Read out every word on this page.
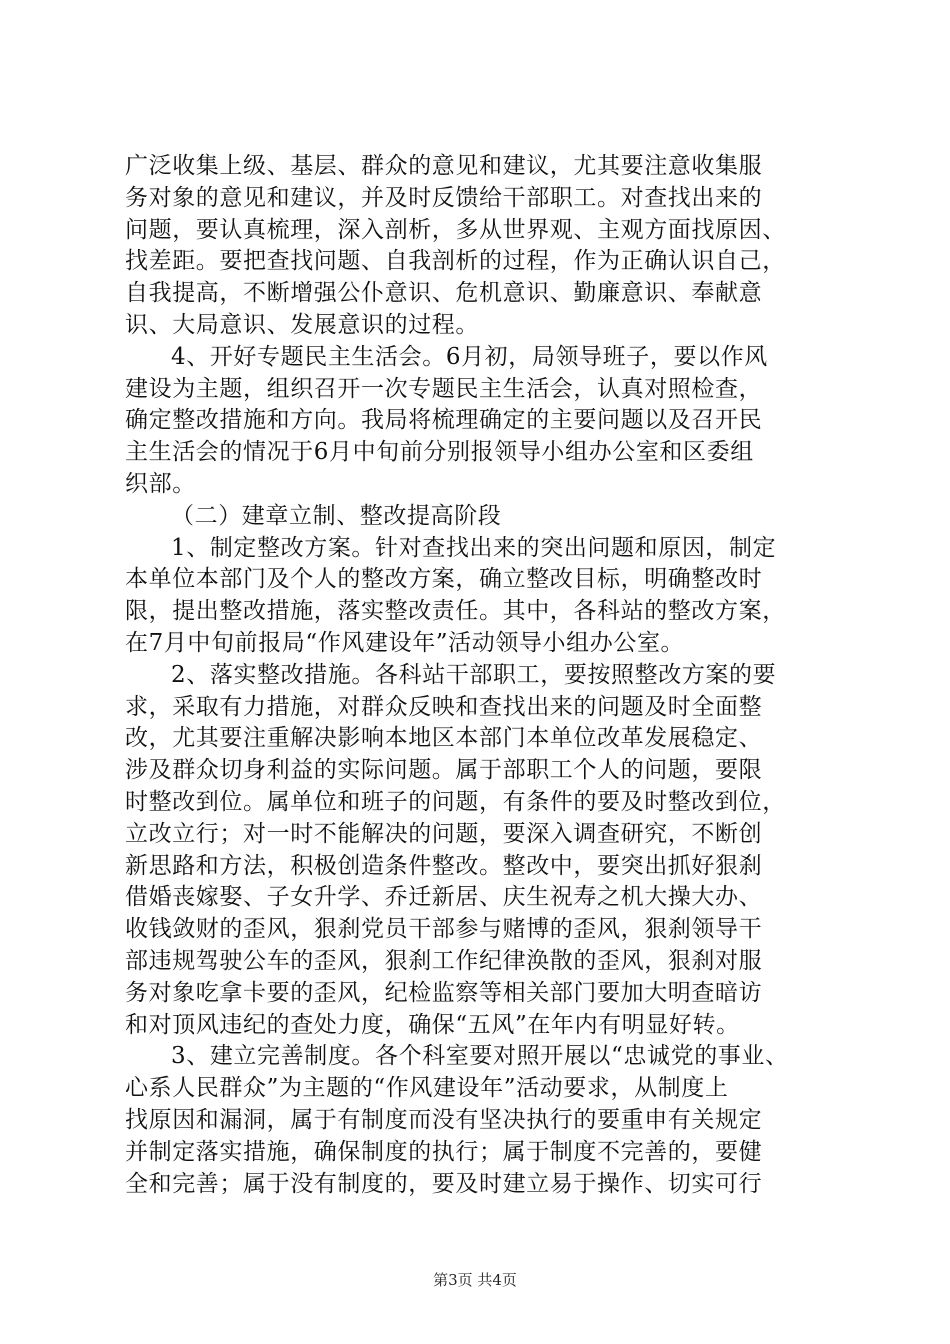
广泛收集上级、基层、群众的意见和建议，尤其要注意收集服
务对象的意见和建议，并及时反馈给干部职工。对查找出来的
问题，要认真梳理，深入剖析，多从世界观、主观方面找原因、
找差距。要把查找问题、自我剖析的过程，作为正确认识自己，
自我提高，不断增强公仆意识、危机意识、勤廉意识、奉献意
识、大局意识、发展意识的过程。
4、开好专题民主生活会。6月初，局领导班子，要以作风
建设为主题，组织召开一次专题民主生活会，认真对照检查，
确定整改措施和方向。我局将梳理确定的主要问题以及召开民
主生活会的情况于6月中旬前分别报领导小组办公室和区委组
织部。
（二）建章立制、整改提高阶段
1、制定整改方案。针对查找出来的突出问题和原因，制定
本单位本部门及个人的整改方案，确立整改目标，明确整改时
限，提出整改措施，落实整改责任。其中，各科站的整改方案，
在7月中旬前报局“作风建设年”活动领导小组办公室。
2、落实整改措施。各科站干部职工，要按照整改方案的要
求，采取有力措施，对群众反映和查找出来的问题及时全面整
改，尤其要注重解决影响本地区本部门本单位改革发展稳定、
涉及群众切身利益的实际问题。属于部职工个人的问题，要限
时整改到位。属单位和班子的问题，有条件的要及时整改到位，
立改立行；对一时不能解决的问题，要深入调查研究，不断创
新思路和方法，积极创造条件整改。整改中，要突出抓好狠刹
借婚丧嫁娶、子女升学、乔迁新居、庆生祝寿之机大操大办、
收钱敛财的歪风，狠刹党员干部参与赌博的歪风，狠刹领导干
部违规驾驶公车的歪风，狠刹工作纪律涣散的歪风，狠刹对服
务对象吃拿卡要的歪风，纪检监察等相关部门要加大明查暗访
和对顶风违纪的查处力度，确保“五风”在年内有明显好转。
3、建立完善制度。各个科室要对照开展以“忠诚党的事业、
心系人民群众”为主题的“作风建设年”活动要求，从制度上
找原因和漏洞，属于有制度而没有坚决执行的要重申有关规定
并制定落实措施，确保制度的执行；属于制度不完善的，要健
全和完善；属于没有制度的，要及时建立易于操作、切实可行
第3页 共4页
